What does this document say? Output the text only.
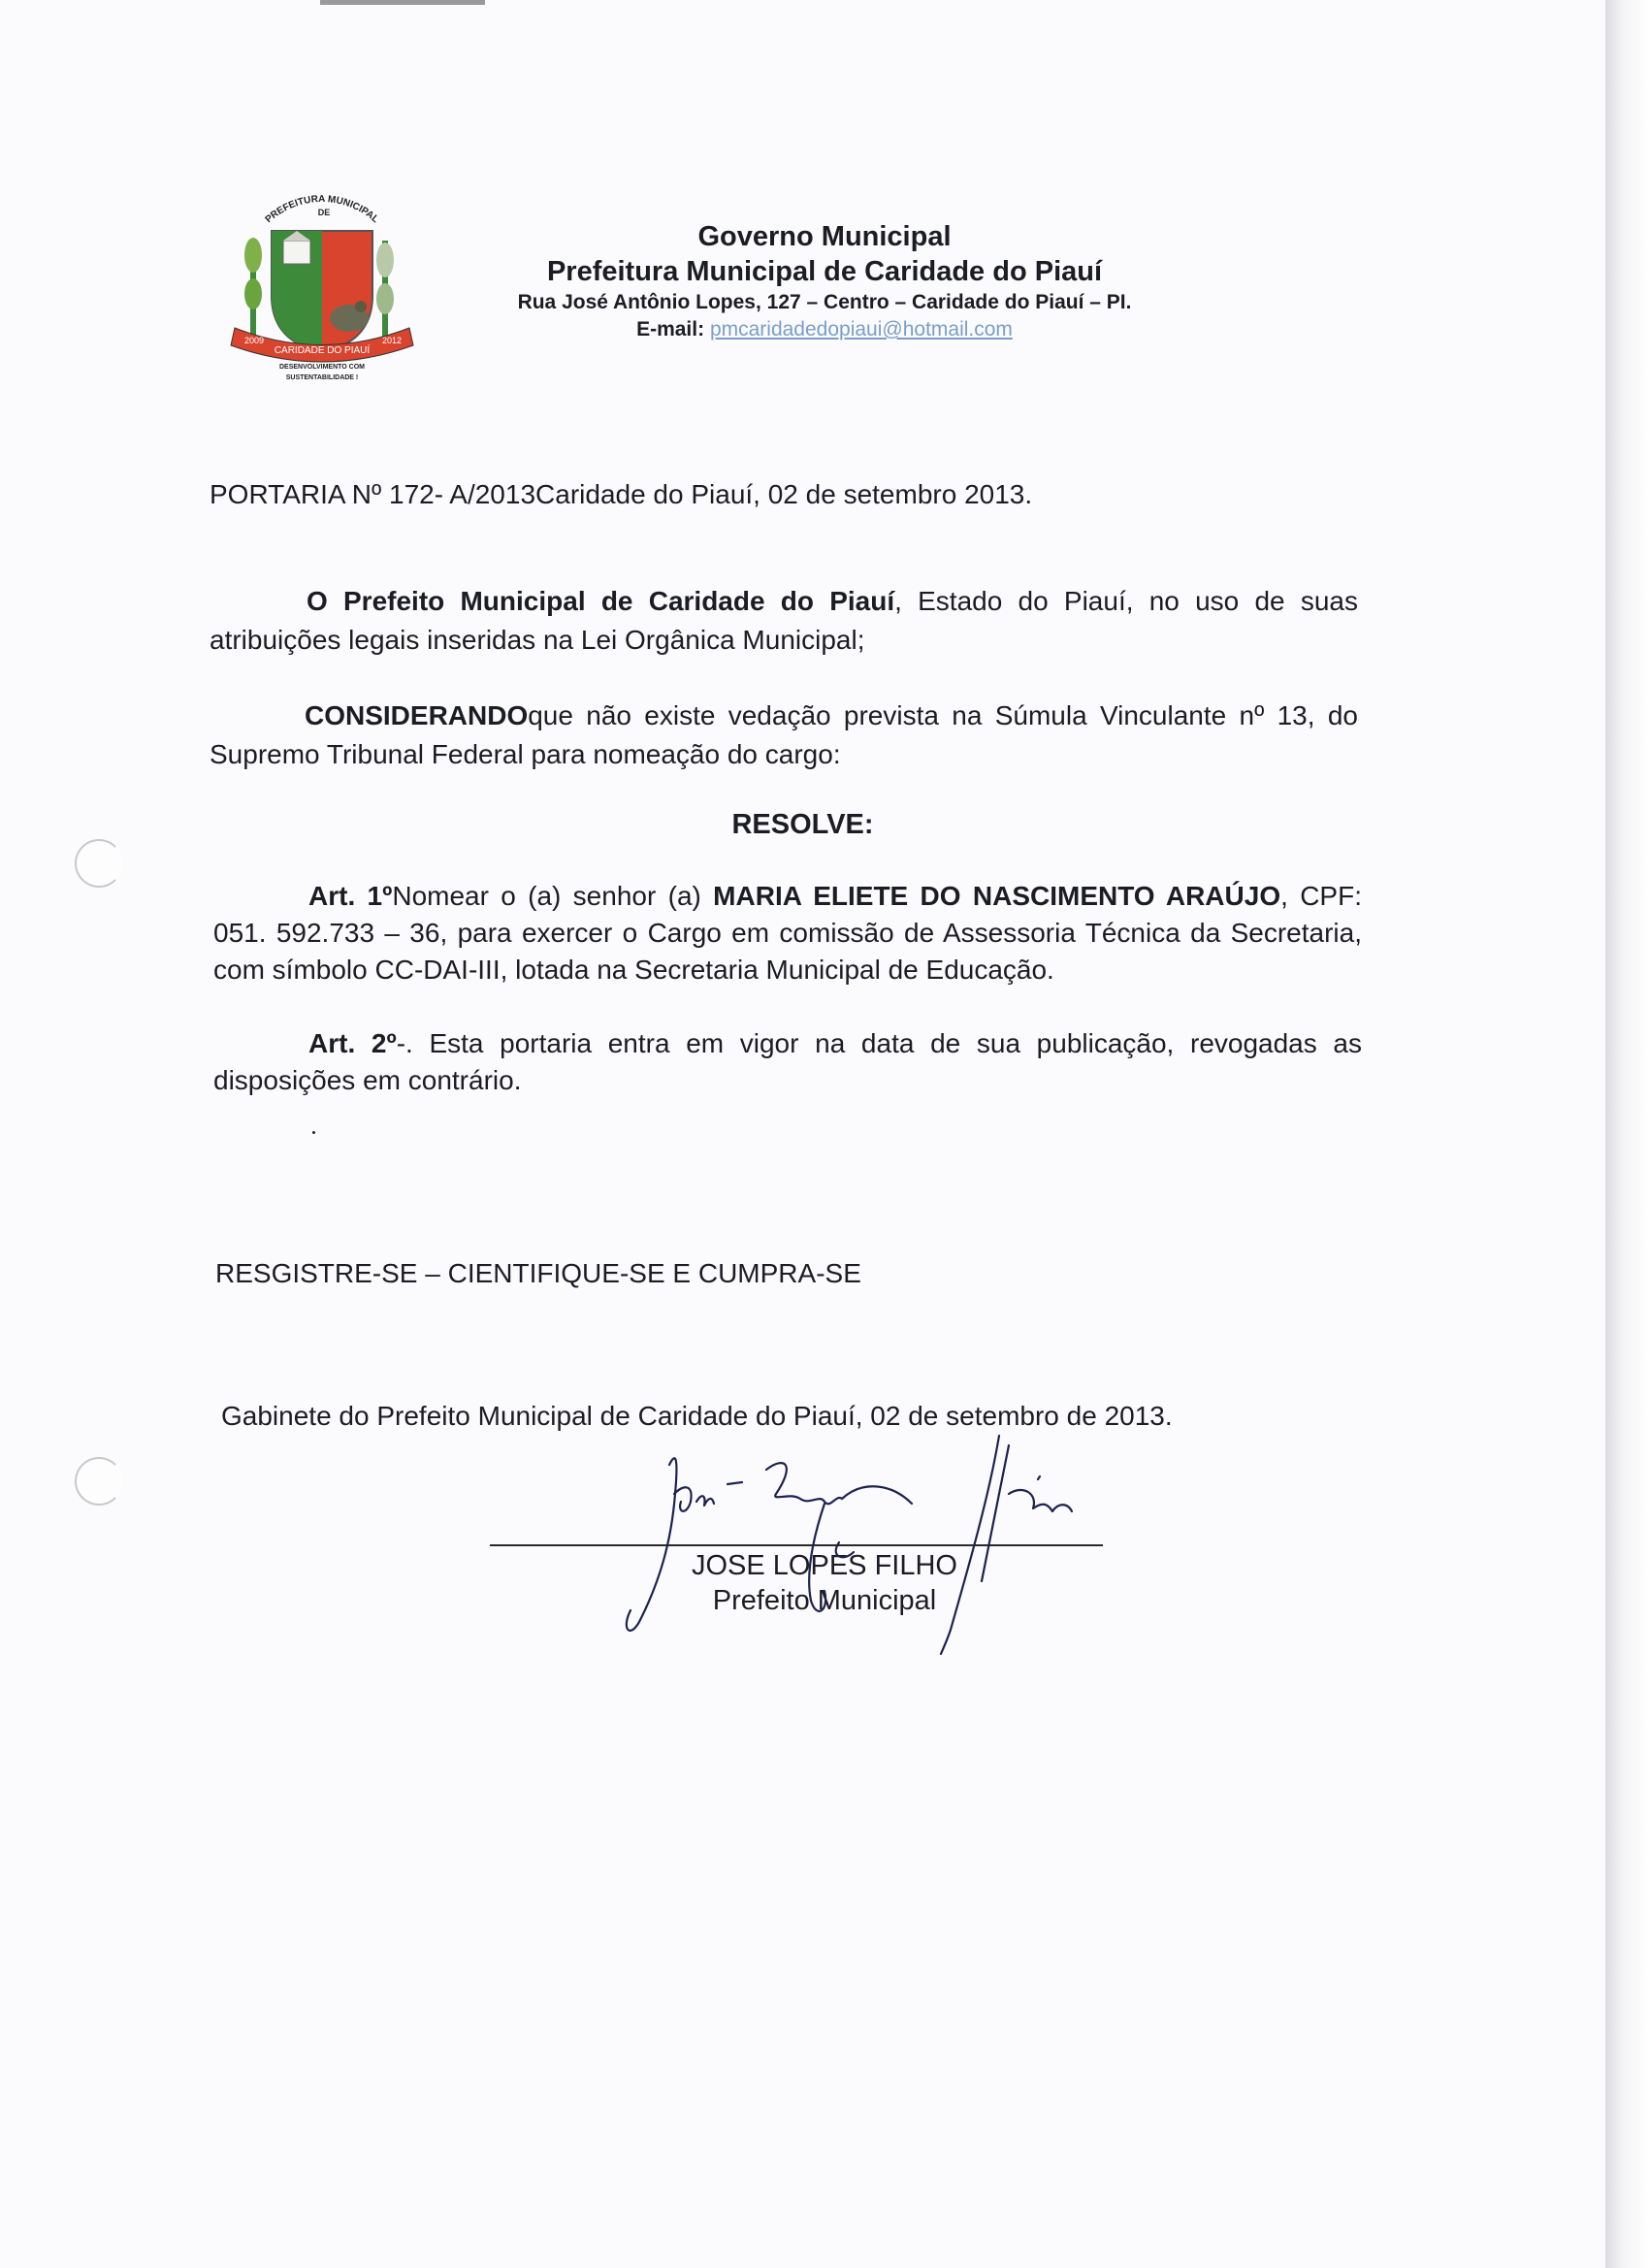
PREFEITURA MUNICIPAL
DE
CARIDADE DO PIAUÍ
2009	2012
DESENVOLVIMENTO COM
SUSTENTABILIDADE !
Governo Municipal
Prefeitura Municipal de Caridade do Piauí
Rua José Antônio Lopes, 127 – Centro – Caridade do Piauí – PI.
E-mail: pmcaridadedopiaui@hotmail.com
PORTARIA Nº 172- A/2013Caridade do Piauí, 02 de setembro 2013.
O Prefeito Municipal de Caridade do Piauí, Estado do Piauí, no uso de suas atribuições legais inseridas na Lei Orgânica Municipal;
CONSIDERANDOque não existe vedação prevista na Súmula Vinculante nº 13, do Supremo Tribunal Federal para nomeação do cargo:
RESOLVE:
Art. 1ºNomear o (a) senhor (a) MARIA ELIETE DO NASCIMENTO ARAÚJO, CPF: 051. 592.733 – 36, para exercer o Cargo em comissão de Assessoria Técnica da Secretaria, com símbolo CC-DAI-III, lotada na Secretaria Municipal de Educação.
Art. 2º-. Esta portaria entra em vigor na data de sua publicação, revogadas as disposições em contrário.
RESGISTRE-SE – CIENTIFIQUE-SE E CUMPRA-SE
Gabinete do Prefeito Municipal de Caridade do Piauí, 02 de setembro de 2013.
JOSE LOPES FILHO
Prefeito Municipal
